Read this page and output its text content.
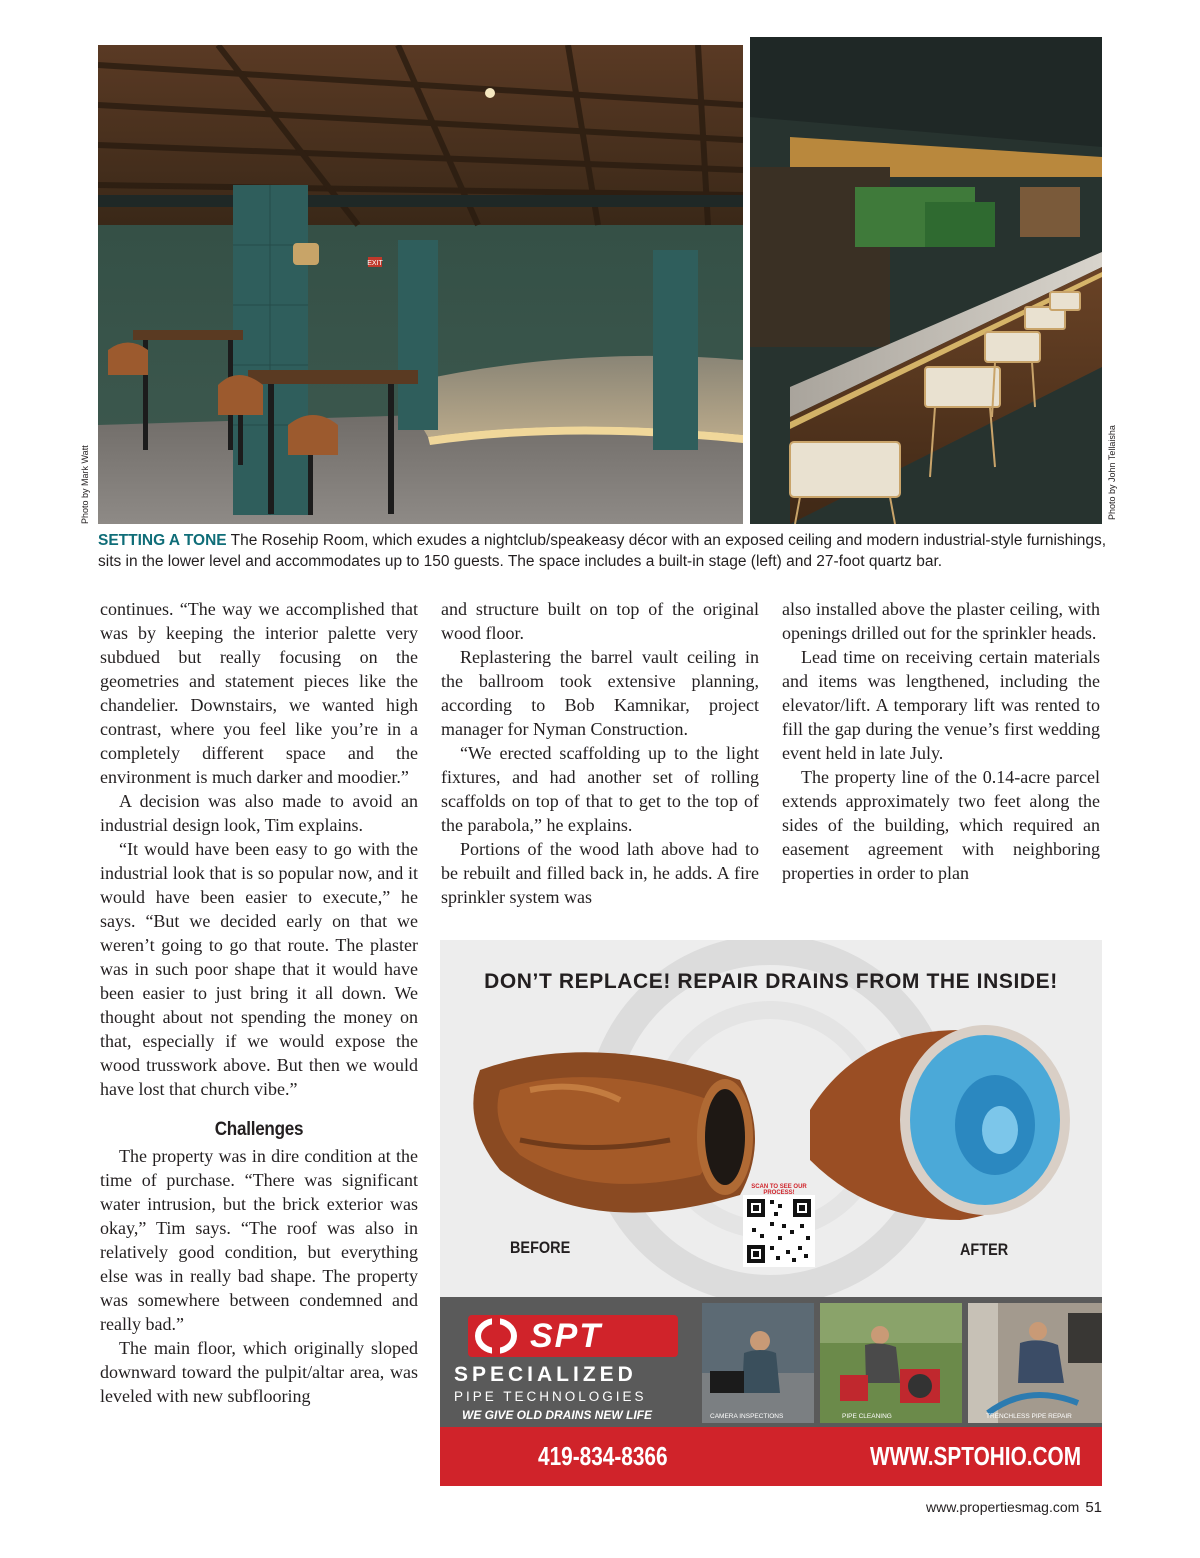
EXIT
Photo by Mark Watt	Photo by John Tellaisha
SETTING A TONE The Rosehip Room, which exudes a nightclub/speakeasy décor with an exposed ceiling and modern industrial-style furnishings, sits in the lower level and accommodates up to 150 guests. The space includes a built-in stage (left) and 27-foot quartz bar.

continues. “The way we accomplished that was by keeping the interior palette very subdued but really focusing on the geometries and statement pieces like the chandelier. Downstairs, we wanted high contrast, where you feel like you’re in a completely different space and the environment is much darker and moodier.”

A decision was also made to avoid an industrial design look, Tim explains.

“It would have been easy to go with the industrial look that is so popular now, and it would have been easier to execute,” he says. “But we decided early on that we weren’t going to go that route. The plaster was in such poor shape that it would have been easier to just bring it all down. We thought about not spending the money on that, especially if we would expose the wood trusswork above. But then we would have lost that church vibe.”

Challenges

The property was in dire condition at the time of purchase. “There was significant water intrusion, but the brick exterior was okay,” Tim says. “The roof was also in relatively good condition, but everything else was in really bad shape. The property was somewhere between condemned and really bad.”

The main floor, which originally sloped downward toward the pulpit/altar area, was leveled with new subflooring

and structure built on top of the original wood floor.

Replastering the barrel vault ceiling in the ballroom took extensive planning, according to Bob Kamnikar, project manager for Nyman Construction.

“We erected scaffolding up to the light fixtures, and had another set of rolling scaffolds on top of that to get to the top of the parabola,” he explains.

Portions of the wood lath above had to be rebuilt and filled back in, he adds. A fire sprinkler system was

also installed above the plaster ceiling, with openings drilled out for the sprinkler heads.

Lead time on receiving certain materials and items was lengthened, including the elevator/lift. A temporary lift was rented to fill the gap during the venue’s first wedding event held in late July.

The property line of the 0.14-acre parcel extends approximately two feet along the sides of the building, which required an easement agreement with neighboring properties in order to plan

DON’T REPLACE! REPAIR DRAINS FROM THE INSIDE!
BEFORE	AFTER
SCAN TO SEE OUR PROCESS!
SPT
SPECIALIZED
PIPE TECHNOLOGIES
WE GIVE OLD DRAINS NEW LIFE	CAMERA INSPECTIONS	PIPE CLEANING	TRENCHLESS PIPE REPAIR
419-834-8366	WWW.SPTOHIO.COM
www.propertiesmag.com 51
